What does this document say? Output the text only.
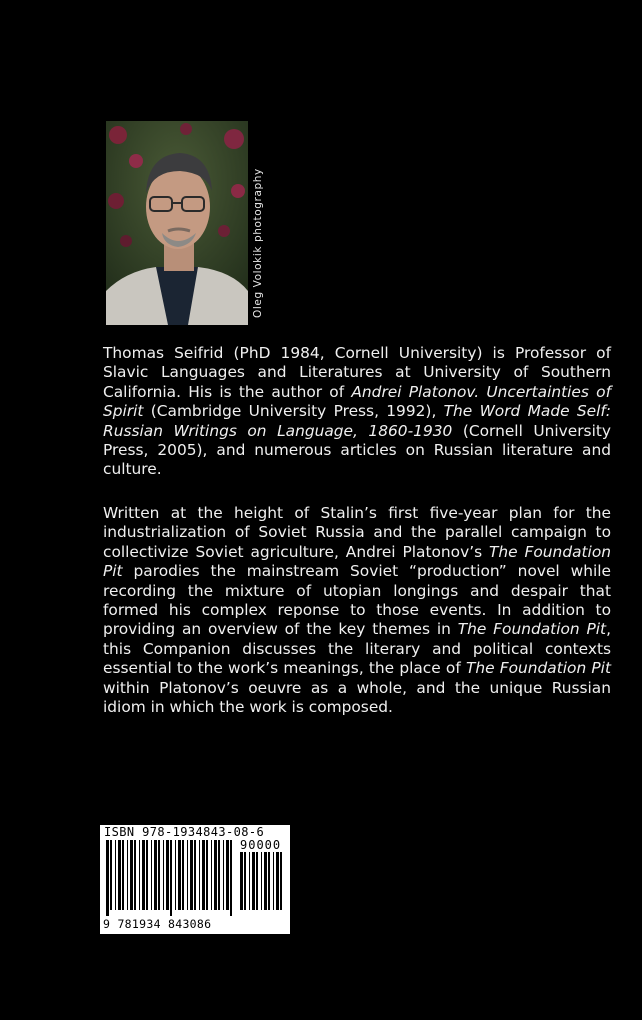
Oleg Volokik photography
Thomas Seifrid (PhD 1984, Cornell University) is Professor of Slavic Languages and Literatures at University of Southern California. His is the author of Andrei Platonov. Uncertainties of Spirit (Cambridge University Press, 1992), The Word Made Self: Russian Writings on Language, 1860-1930 (Cornell University Press, 2005), and numerous articles on Russian literature and culture.
Written at the height of Stalin’s first five-year plan for the industrialization of Soviet Russia and the parallel campaign to collectivize Soviet agriculture, Andrei Platonov’s The Foundation Pit parodies the mainstream Soviet “production” novel while recording the mixture of utopian longings and despair that formed his complex reponse to those events. In addition to providing an overview of the key themes in The Foundation Pit, this Companion discusses the literary and political contexts essential to the work’s meanings, the place of The Foundation Pit within Platonov’s oeuvre as a whole, and the unique Russian idiom in which the work is composed.
ISBN 978-1934843-08-6
90000
9 781934 843086
